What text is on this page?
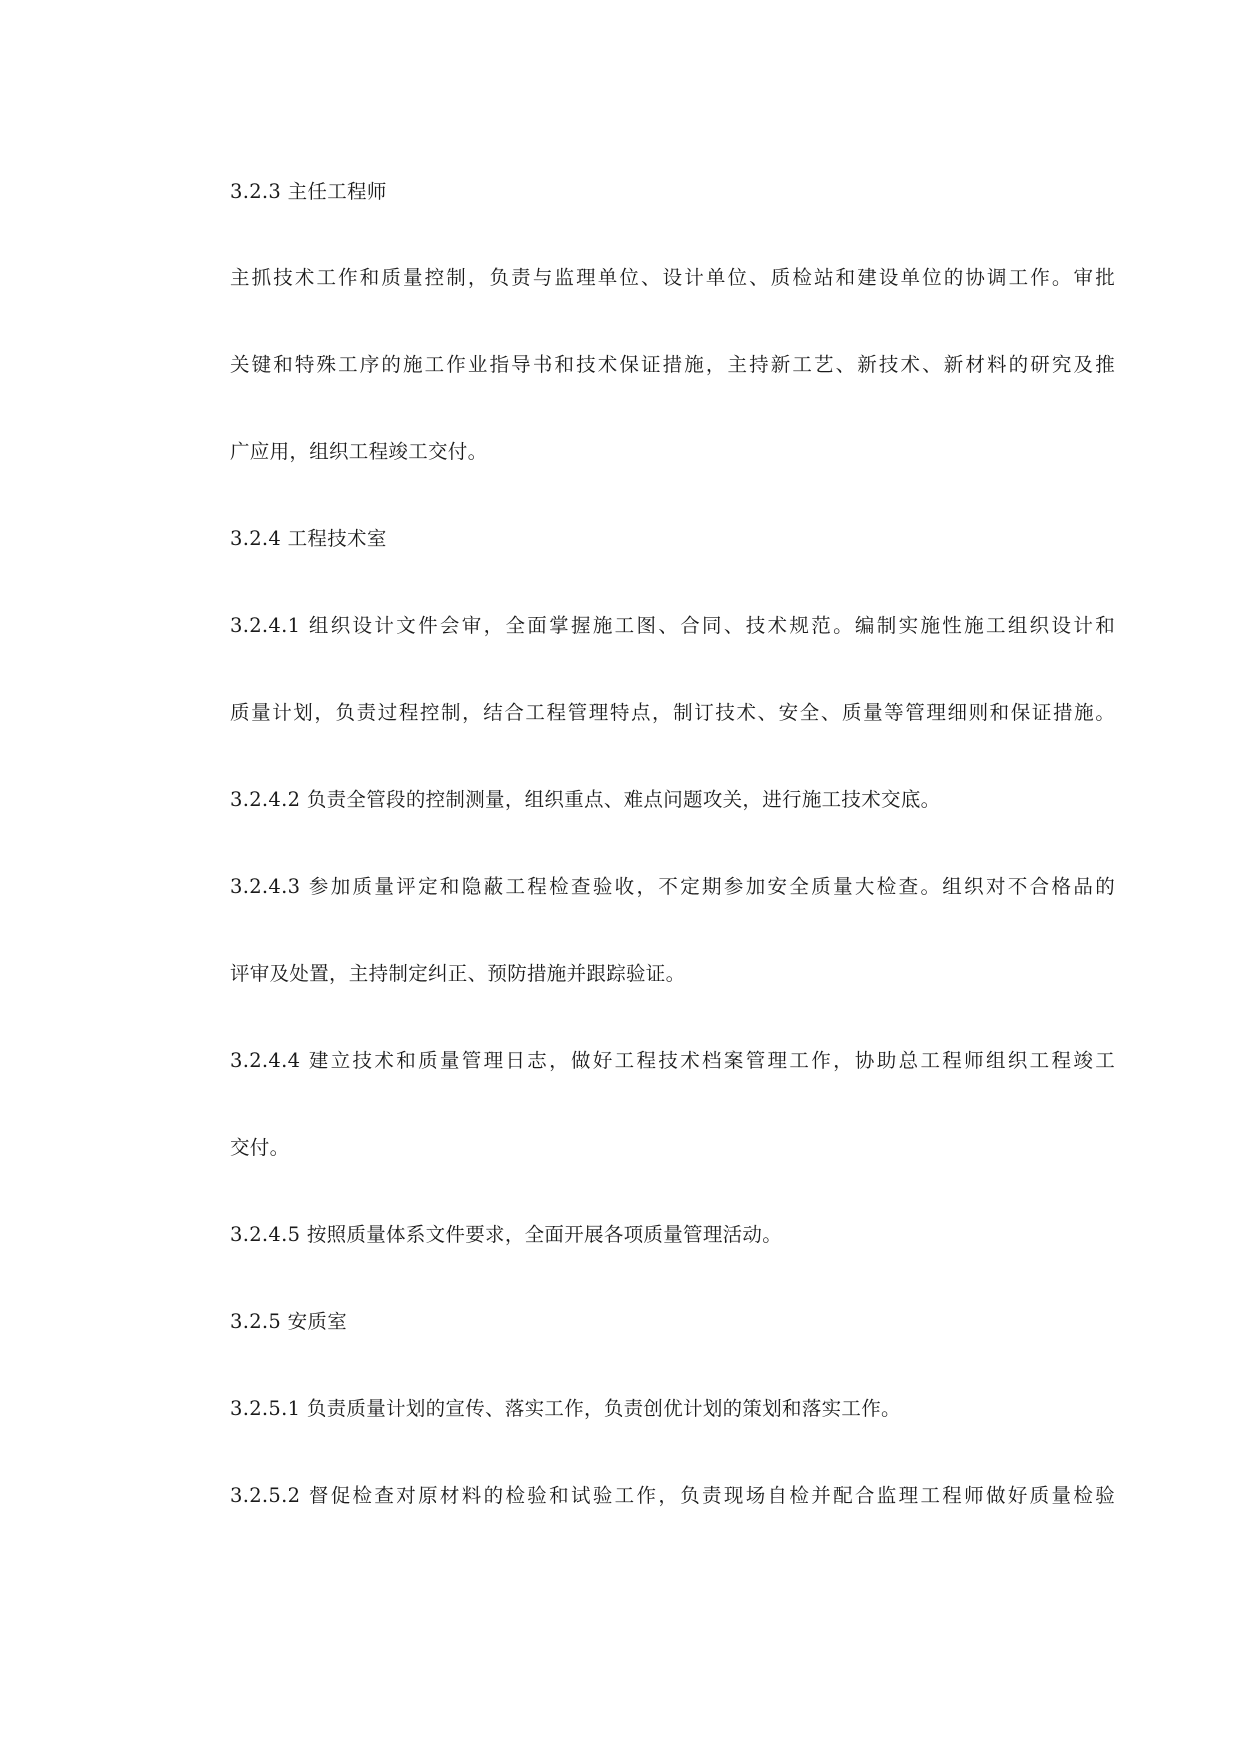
3.2.3 主任工程师
主抓技术工作和质量控制，负责与监理单位、设计单位、质检站和建设单位的协调工作。审批
关键和特殊工序的施工作业指导书和技术保证措施，主持新工艺、新技术、新材料的研究及推
广应用，组织工程竣工交付。
3.2.4 工程技术室
3.2.4.1 组织设计文件会审，全面掌握施工图、合同、技术规范。编制实施性施工组织设计和
质量计划，负责过程控制，结合工程管理特点，制订技术、安全、质量等管理细则和保证措施。
3.2.4.2 负责全管段的控制测量，组织重点、难点问题攻关，进行施工技术交底。
3.2.4.3 参加质量评定和隐蔽工程检查验收，不定期参加安全质量大检查。组织对不合格品的
评审及处置，主持制定纠正、预防措施并跟踪验证。
3.2.4.4 建立技术和质量管理日志，做好工程技术档案管理工作，协助总工程师组织工程竣工
交付。
3.2.4.5 按照质量体系文件要求，全面开展各项质量管理活动。
3.2.5 安质室
3.2.5.1 负责质量计划的宣传、落实工作，负责创优计划的策划和落实工作。
3.2.5.2 督促检查对原材料的检验和试验工作，负责现场自检并配合监理工程师做好质量检验
